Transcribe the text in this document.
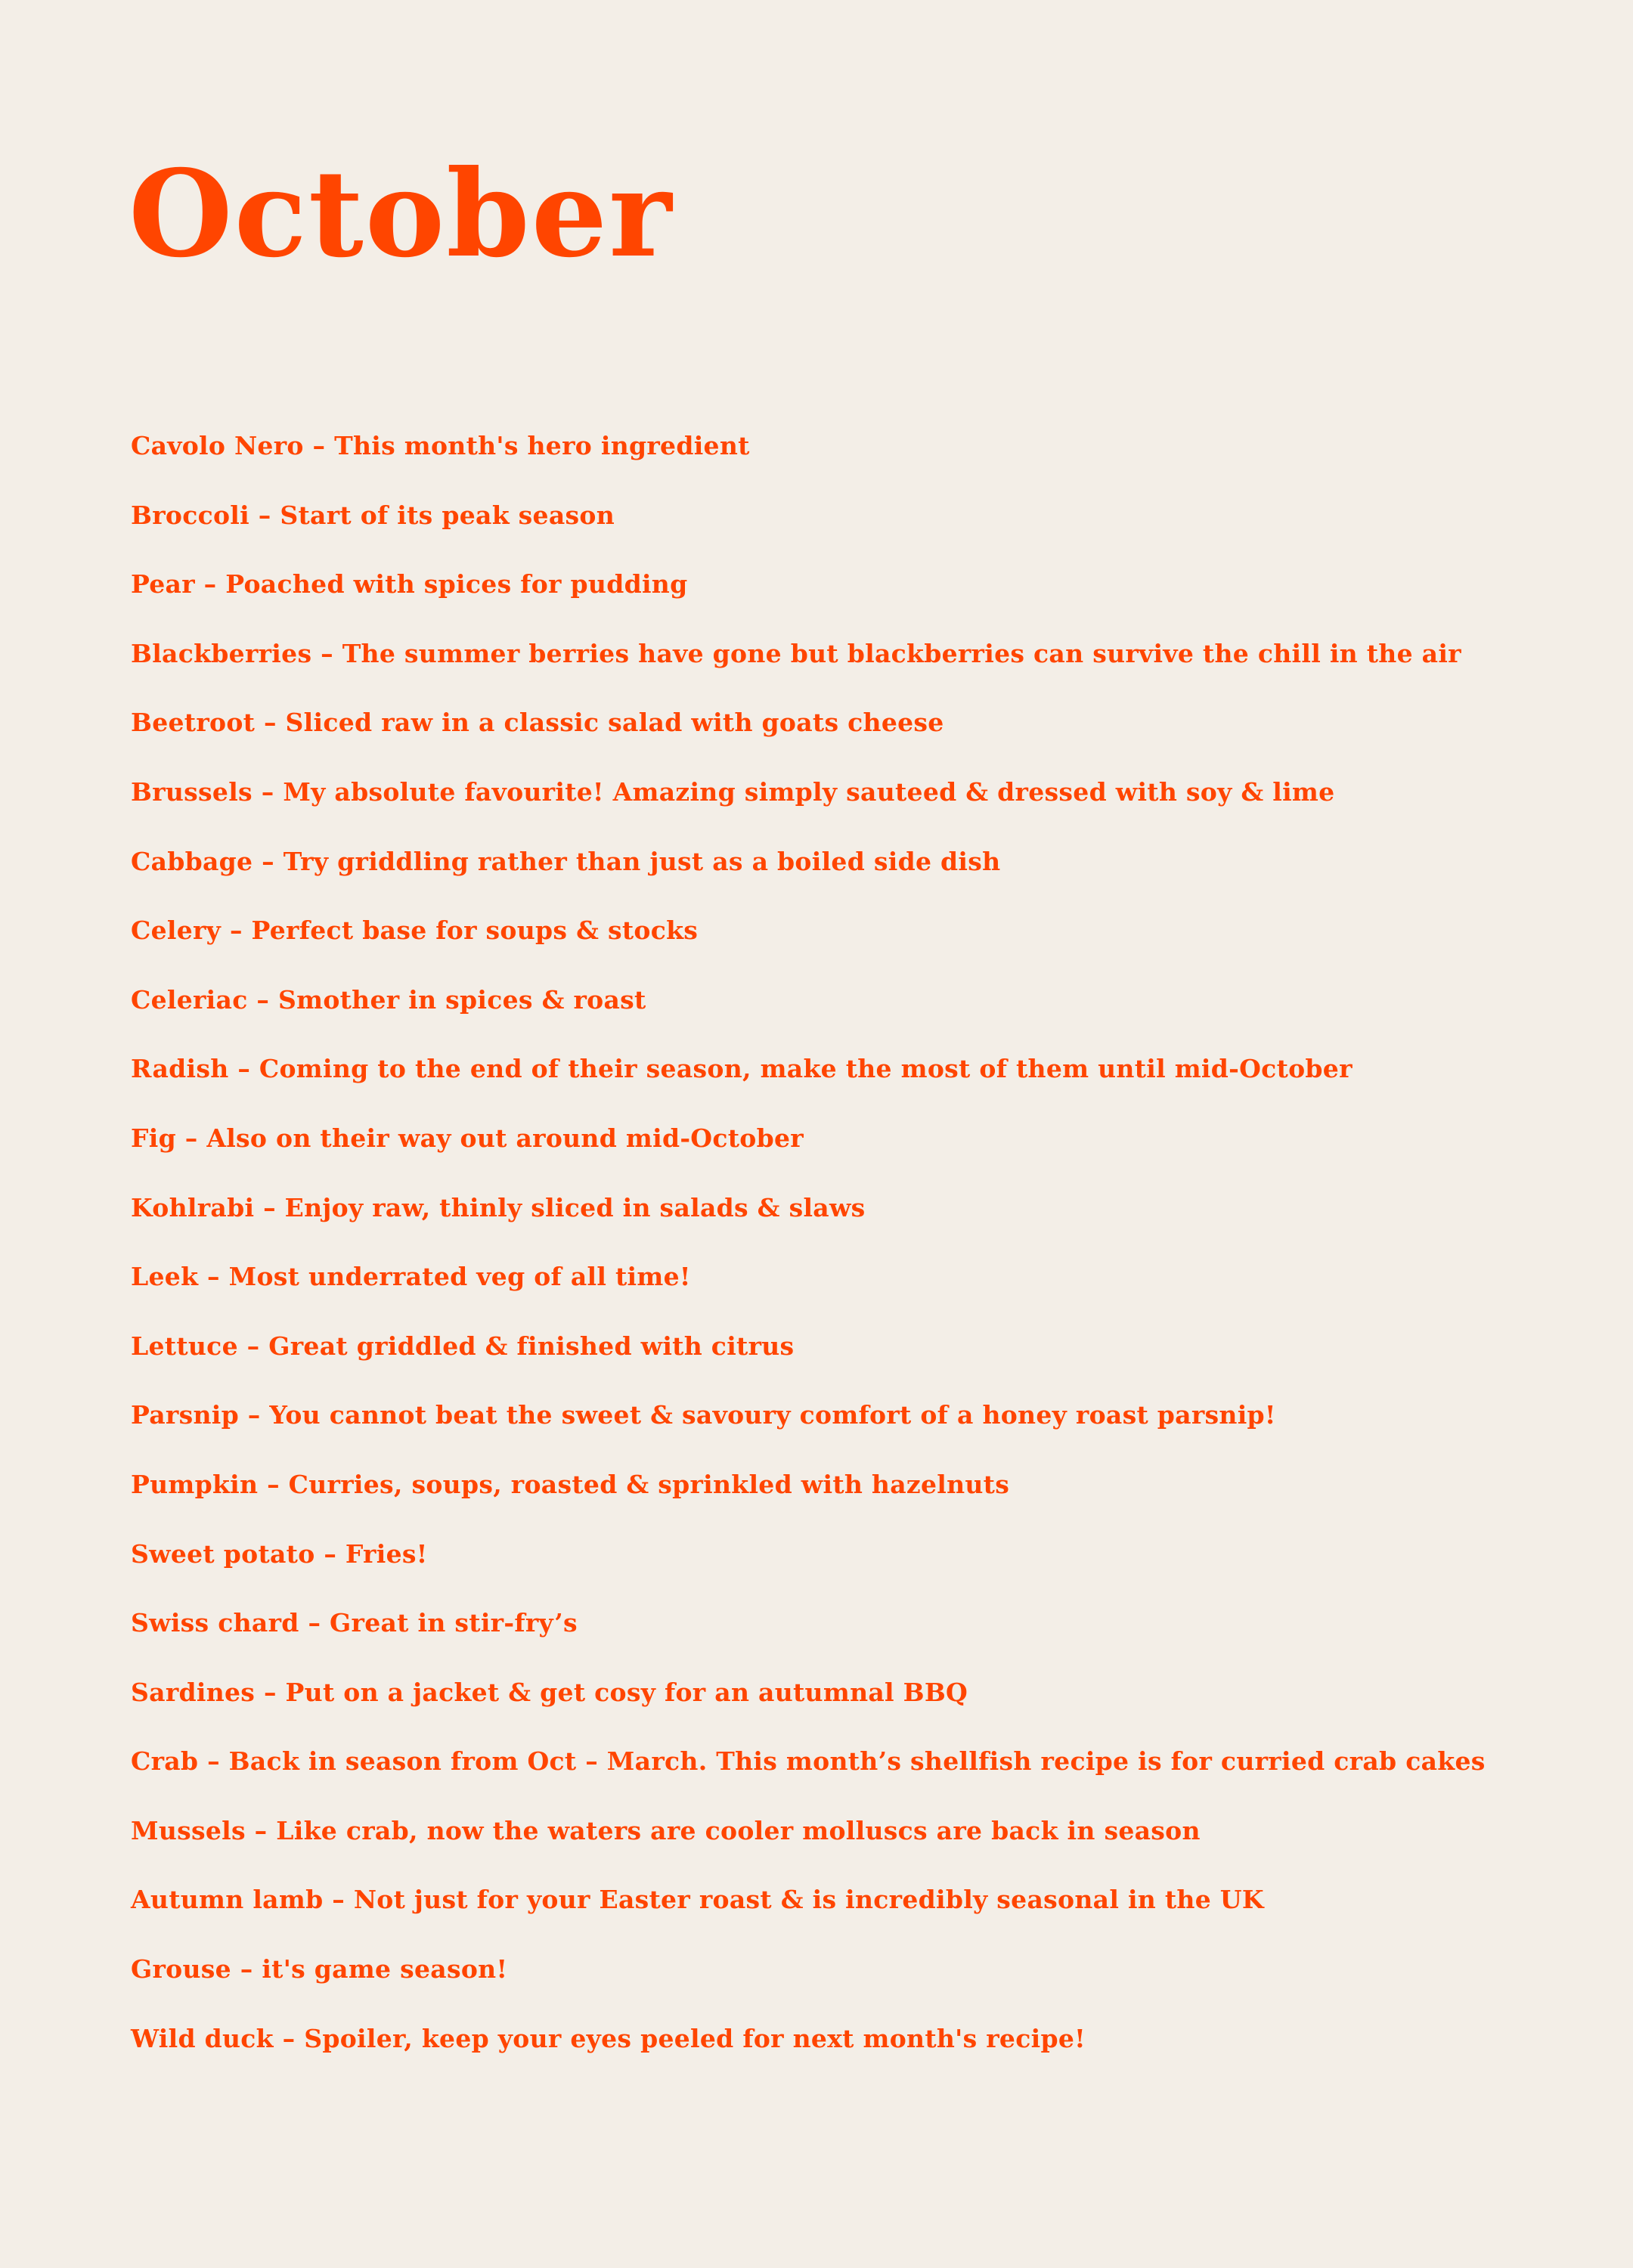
October
Cavolo Nero – This month's hero ingredient
Broccoli – Start of its peak season
Pear – Poached with spices for pudding
Blackberries – The summer berries have gone but blackberries can survive the chill in the air
Beetroot – Sliced raw in a classic salad with goats cheese
Brussels – My absolute favourite! Amazing simply sauteed & dressed with soy & lime
Cabbage – Try griddling rather than just as a boiled side dish
Celery – Perfect base for soups & stocks
Celeriac – Smother in spices & roast
Radish – Coming to the end of their season, make the most of them until mid-October
Fig – Also on their way out around mid-October
Kohlrabi – Enjoy raw, thinly sliced in salads & slaws
Leek – Most underrated veg of all time!
Lettuce – Great griddled & finished with citrus
Parsnip – You cannot beat the sweet & savoury comfort of a honey roast parsnip!
Pumpkin – Curries, soups, roasted & sprinkled with hazelnuts
Sweet potato – Fries!
Swiss chard – Great in stir-fry’s
Sardines – Put on a jacket & get cosy for an autumnal BBQ
Crab – Back in season from Oct – March. This month’s shellfish recipe is for curried crab cakes
Mussels – Like crab, now the waters are cooler molluscs are back in season
Autumn lamb – Not just for your Easter roast & is incredibly seasonal in the UK
Grouse – it's game season!
Wild duck – Spoiler, keep your eyes peeled for next month's recipe!
